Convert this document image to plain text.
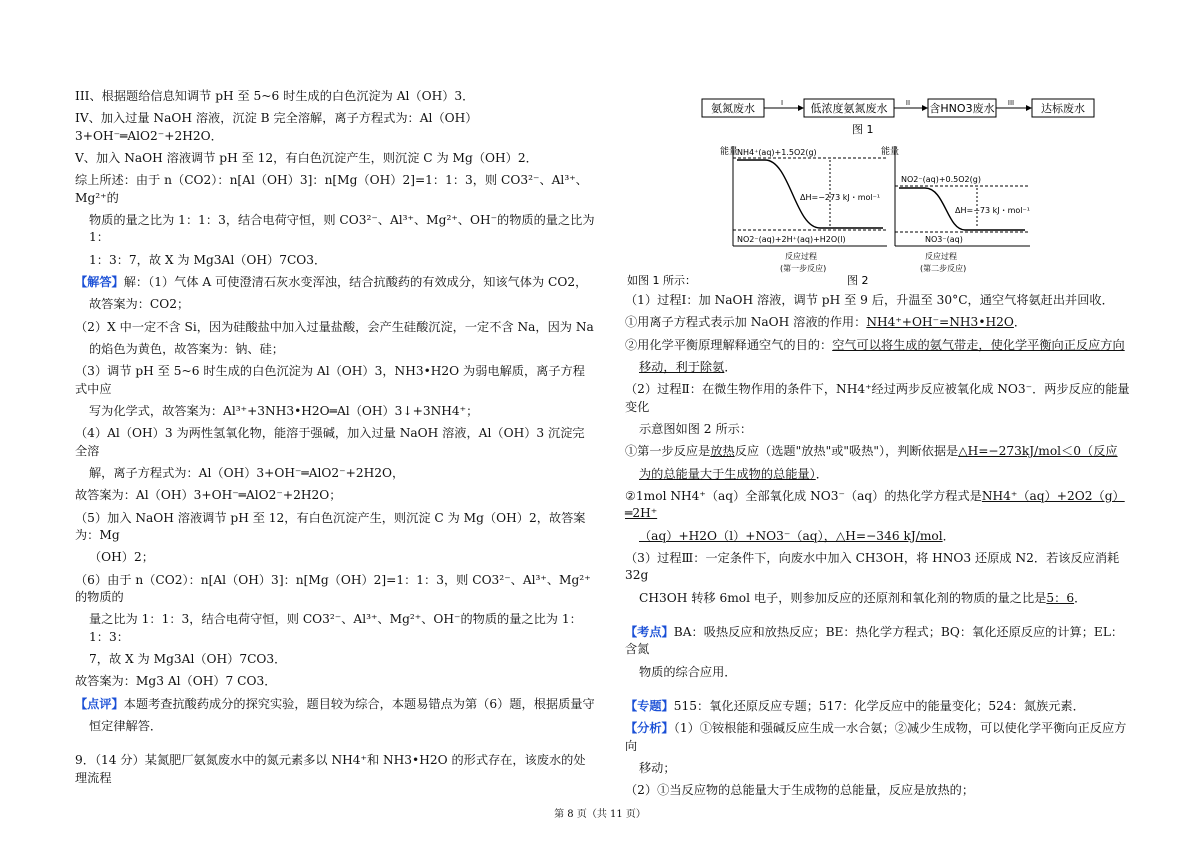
III、根据题给信息知调节 pH 至 5~6 时生成的白色沉淀为 Al（OH）3．

IV、加入过量 NaOH 溶液，沉淀 B 完全溶解，离子方程式为：Al（OH）3+OH⁻═AlO2⁻+2H2O．

V、加入 NaOH 溶液调节 pH 至 12，有白色沉淀产生，则沉淀 C 为 Mg（OH）2．

综上所述：由于 n（CO2）：n[Al（OH）3]：n[Mg（OH）2]=1：1：3，则 CO3²⁻、Al³⁺、Mg²⁺的

物质的量之比为 1：1：3，结合电荷守恒，则 CO3²⁻、Al³⁺、Mg²⁺、OH⁻的物质的量之比为 1：

1：3：7，故 X 为 Mg3Al（OH）7CO3．

【解答】解：（1）气体 A 可使澄清石灰水变浑浊，结合抗酸药的有效成分，知该气体为 CO2，

故答案为：CO2；

（2）X 中一定不含 Si，因为硅酸盐中加入过量盐酸，会产生硅酸沉淀，一定不含 Na，因为 Na

的焰色为黄色，故答案为：钠、硅；

（3）调节 pH 至 5~6 时生成的白色沉淀为 Al（OH）3，NH3•H2O 为弱电解质，离子方程式中应

写为化学式，故答案为：Al³⁺+3NH3•H2O═Al（OH）3↓+3NH4⁺；

（4）Al（OH）3 为两性氢氧化物，能溶于强碱，加入过量 NaOH 溶液，Al（OH）3 沉淀完全溶

解，离子方程式为：Al（OH）3+OH⁻═AlO2⁻+2H2O，

故答案为：Al（OH）3+OH⁻═AlO2⁻+2H2O；

（5）加入 NaOH 溶液调节 pH 至 12，有白色沉淀产生，则沉淀 C 为 Mg（OH）2，故答案为：Mg

（OH）2；

（6）由于 n（CO2）：n[Al（OH）3]：n[Mg（OH）2]=1：1：3，则 CO3²⁻、Al³⁺、Mg²⁺的物质的

量之比为 1：1：3，结合电荷守恒，则 CO3²⁻、Al³⁺、Mg²⁺、OH⁻的物质的量之比为 1：1：3：

7，故 X 为 Mg3Al（OH）7CO3．

故答案为：Mg3 Al（OH）7 CO3．

【点评】本题考查抗酸药成分的探究实验，题目较为综合，本题易错点为第（6）题，根据质量守

恒定律解答．

9．（14 分）某氮肥厂氨氮废水中的氮元素多以 NH4⁺和 NH3•H2O 的形式存在，该废水的处理流程

氨氮废水	I 低浓度氨氮废水	II 含HNO3废水 III 达标废水
图 1
能量
NH4⁺(aq)+1.5O2(g)
ΔH=−273 kJ・mol⁻¹
NO2⁻(aq)+2H⁺(aq)+H2O(l)
反应过程
(第一步反应)
能量
NO2⁻(aq)+0.5O2(g)
ΔH=−73 kJ・mol⁻¹
NO3⁻(aq)
反应过程
(第二步反应)
如图 1 所示：	图 2

（1）过程Ⅰ：加 NaOH 溶液，调节 pH 至 9 后，升温至 30°C，通空气将氨赶出并回收．

①用离子方程式表示加 NaOH 溶液的作用：NH4⁺+OH⁻=NH3•H2O．

②用化学平衡原理解释通空气的目的：空气可以将生成的氨气带走，使化学平衡向正反应方向

移动，利于除氨．

（2）过程Ⅱ：在微生物作用的条件下，NH4⁺经过两步反应被氧化成 NO3⁻．两步反应的能量变化

示意图如图 2 所示：

①第一步反应是放热反应（选题"放热"或"吸热"），判断依据是△H=−273kJ/mol＜0（反应

为的总能量大于生成物的总能量）．

②1mol NH4⁺（aq）全部氧化成 NO3⁻（aq）的热化学方程式是NH4⁺（aq）+2O2（g）═2H⁺

（aq）+H2O（l）+NO3⁻（aq），△H=−346 kJ/mol．

（3）过程Ⅲ：一定条件下，向废水中加入 CH3OH，将 HNO3 还原成 N2．若该反应消耗 32g

CH3OH 转移 6mol 电子，则参加反应的还原剂和氧化剂的物质的量之比是5：6．

【考点】BA：吸热反应和放热反应；BE：热化学方程式；BQ：氧化还原反应的计算；EL：含氮

物质的综合应用．

【专题】515：氧化还原反应专题；517：化学反应中的能量变化；524：氮族元素．

【分析】（1）①铵根能和强碱反应生成一水合氨；②减少生成物，可以使化学平衡向正反应方向

移动；

（2）①当反应物的总能量大于生成物的总能量，反应是放热的；

第 8 页（共 11 页）
